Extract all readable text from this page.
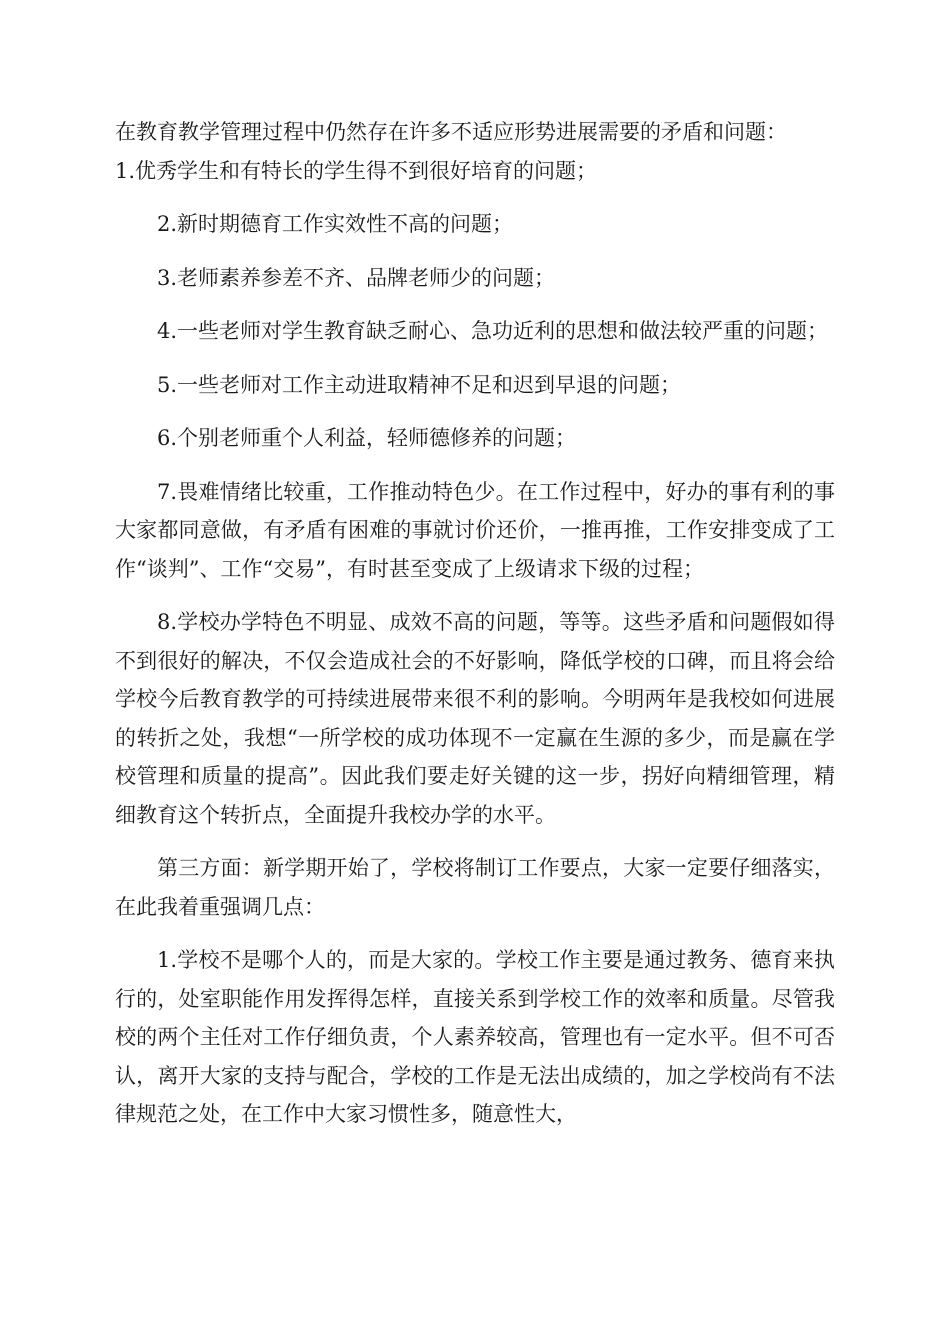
在教育教学管理过程中仍然存在许多不适应形势进展需要的矛盾和问题：

1.优秀学生和有特长的学生得不到很好培育的问题；

2.新时期德育工作实效性不高的问题；

3.老师素养参差不齐、品牌老师少的问题；

4.一些老师对学生教育缺乏耐心、急功近利的思想和做法较严重的问题；

5.一些老师对工作主动进取精神不足和迟到早退的问题；

6.个别老师重个人利益，轻师德修养的问题；

7.畏难情绪比较重，工作推动特色少。在工作过程中，好办的事有利的事大家都同意做，有矛盾有困难的事就讨价还价，一推再推，工作安排变成了工作“谈判”、工作“交易”，有时甚至变成了上级请求下级的过程；

8.学校办学特色不明显、成效不高的问题，等等。这些矛盾和问题假如得不到很好的解决，不仅会造成社会的不好影响，降低学校的口碑，而且将会给学校今后教育教学的可持续进展带来很不利的影响。今明两年是我校如何进展的转折之处，我想“一所学校的成功体现不一定赢在生源的多少，而是赢在学校管理和质量的提高”。因此我们要走好关键的这一步，拐好向精细管理，精细教育这个转折点，全面提升我校办学的水平。

第三方面：新学期开始了，学校将制订工作要点，大家一定要仔细落实，在此我着重强调几点：

1.学校不是哪个人的，而是大家的。学校工作主要是通过教务、德育来执行的，处室职能作用发挥得怎样，直接关系到学校工作的效率和质量。尽管我校的两个主任对工作仔细负责，个人素养较高，管理也有一定水平。但不可否认，离开大家的支持与配合，学校的工作是无法出成绩的，加之学校尚有不法律规范之处，在工作中大家习惯性多，随意性大，
